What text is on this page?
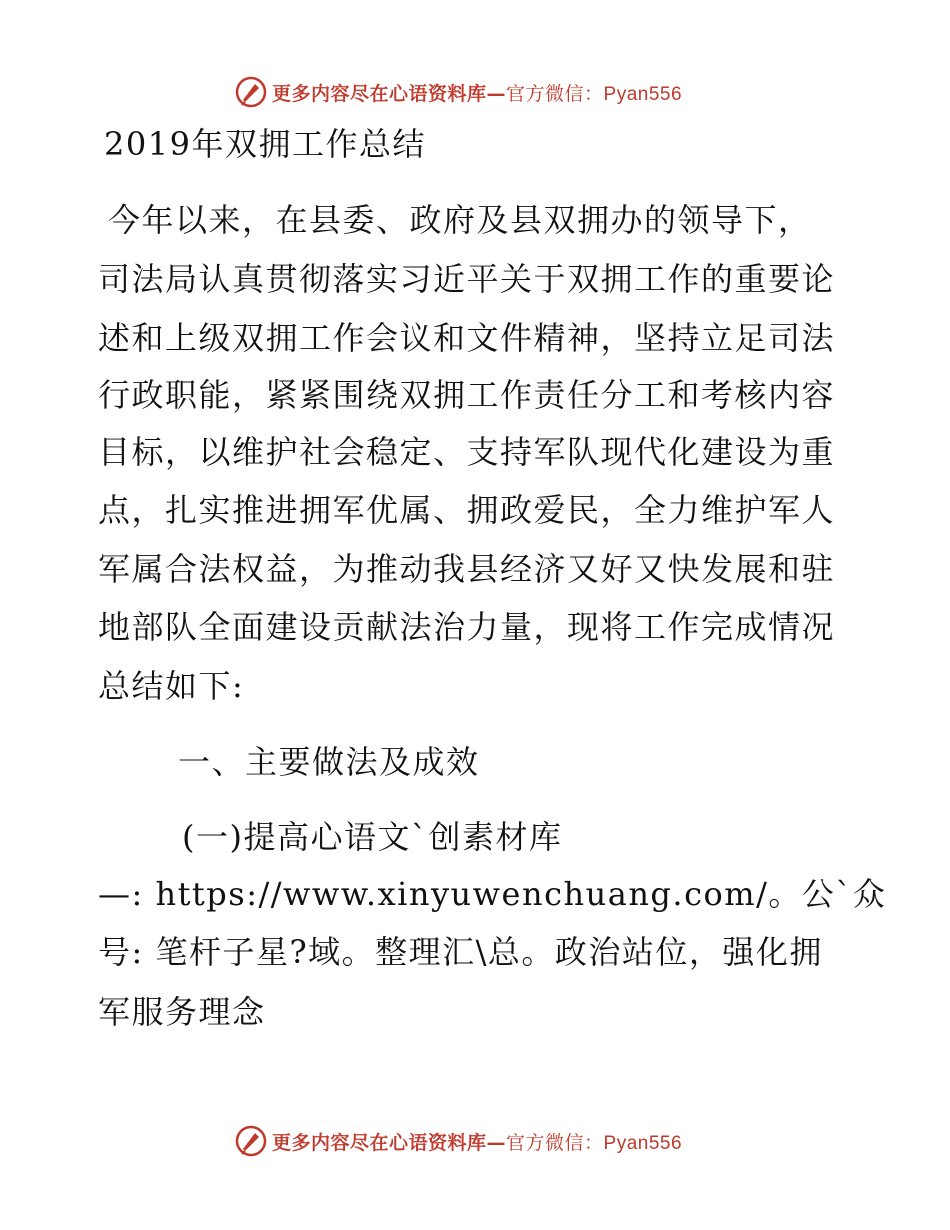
更多内容尽在心语资料库—官方微信：Pyan556
2019年双拥工作总结
今年以来，在县委、政府及县双拥办的领导下，
司法局认真贯彻落实习近平关于双拥工作的重要论
述和上级双拥工作会议和文件精神，坚持立足司法
行政职能，紧紧围绕双拥工作责任分工和考核内容
目标，以维护社会稳定、支持军队现代化建设为重
点，扎实推进拥军优属、拥政爱民，全力维护军人
军属合法权益，为推动我县经济又好又快发展和驻
地部队全面建设贡献法治力量，现将工作完成情况
总结如下:
一、主要做法及成效
(一)提高心语文`创素材库
—: https://www.xinyuwenchuang.com/。公`众
号: 笔杆子星?域。整理汇\总。政治站位，强化拥
军服务理念
更多内容尽在心语资料库—官方微信：Pyan556
